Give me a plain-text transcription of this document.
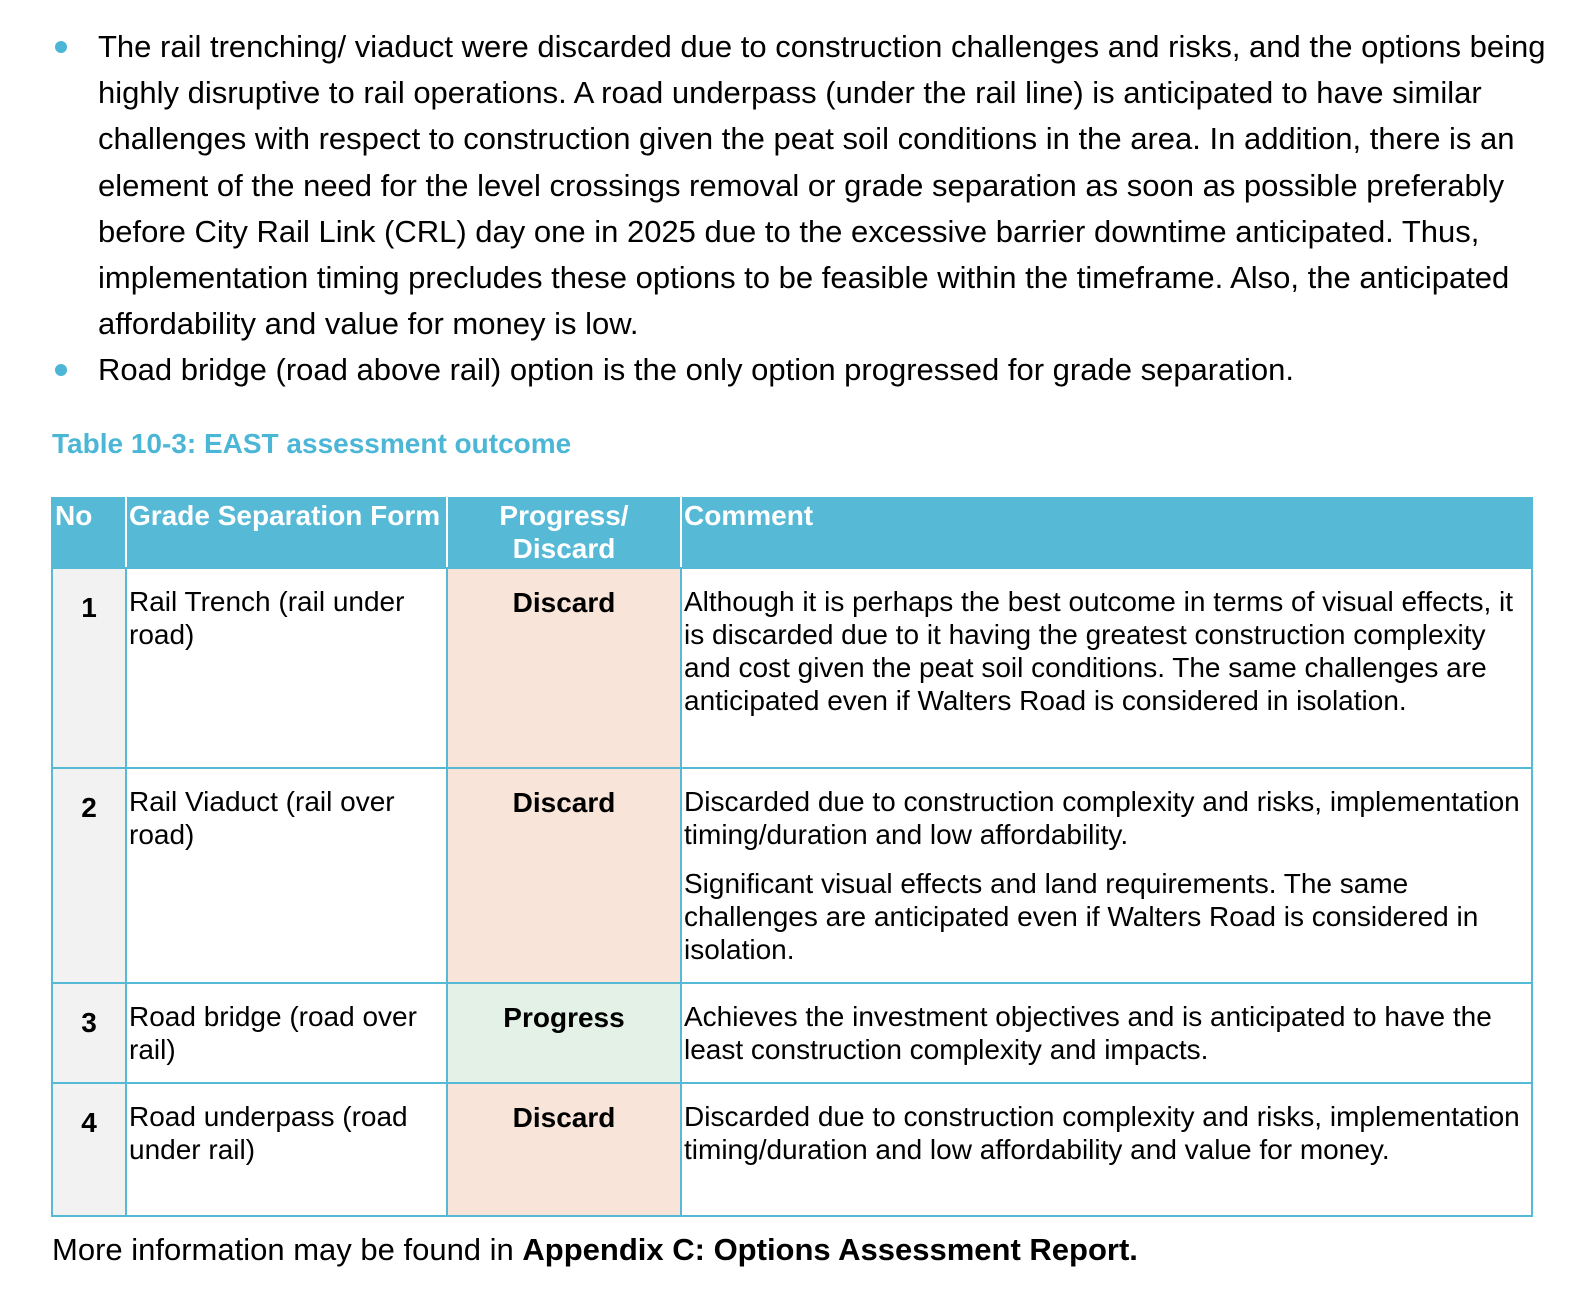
The rail trenching/ viaduct were discarded due to construction challenges and risks, and the options being highly disruptive to rail operations. A road underpass (under the rail line) is anticipated to have similar challenges with respect to construction given the peat soil conditions in the area. In addition, there is an element of the need for the level crossings removal or grade separation as soon as possible preferably before City Rail Link (CRL) day one in 2025 due to the excessive barrier downtime anticipated. Thus, implementation timing precludes these options to be feasible within the timeframe. Also, the anticipated affordability and value for money is low.
Road bridge (road above rail) option is the only option progressed for grade separation.
Table 10-3: EAST assessment outcome
No	Grade Separation Form	Progress/ Discard	Comment
1	Rail Trench (rail under road)	Discard	Although it is perhaps the best outcome in terms of visual effects, it is discarded due to it having the greatest construction complexity and cost given the peat soil conditions. The same challenges are anticipated even if Walters Road is considered in isolation.

2	Rail Viaduct (rail over road)	Discard	Discarded due to construction complexity and risks, implementation timing/duration and low affordability.

Significant visual effects and land requirements. The same challenges are anticipated even if Walters Road is considered in isolation.

3	Road bridge (road over rail)	Progress	Achieves the investment objectives and is anticipated to have the least construction complexity and impacts.

4	Road underpass (road under rail)	Discard	Discarded due to construction complexity and risks, implementation timing/duration and low affordability and value for money.

More information may be found in Appendix C: Options Assessment Report.
